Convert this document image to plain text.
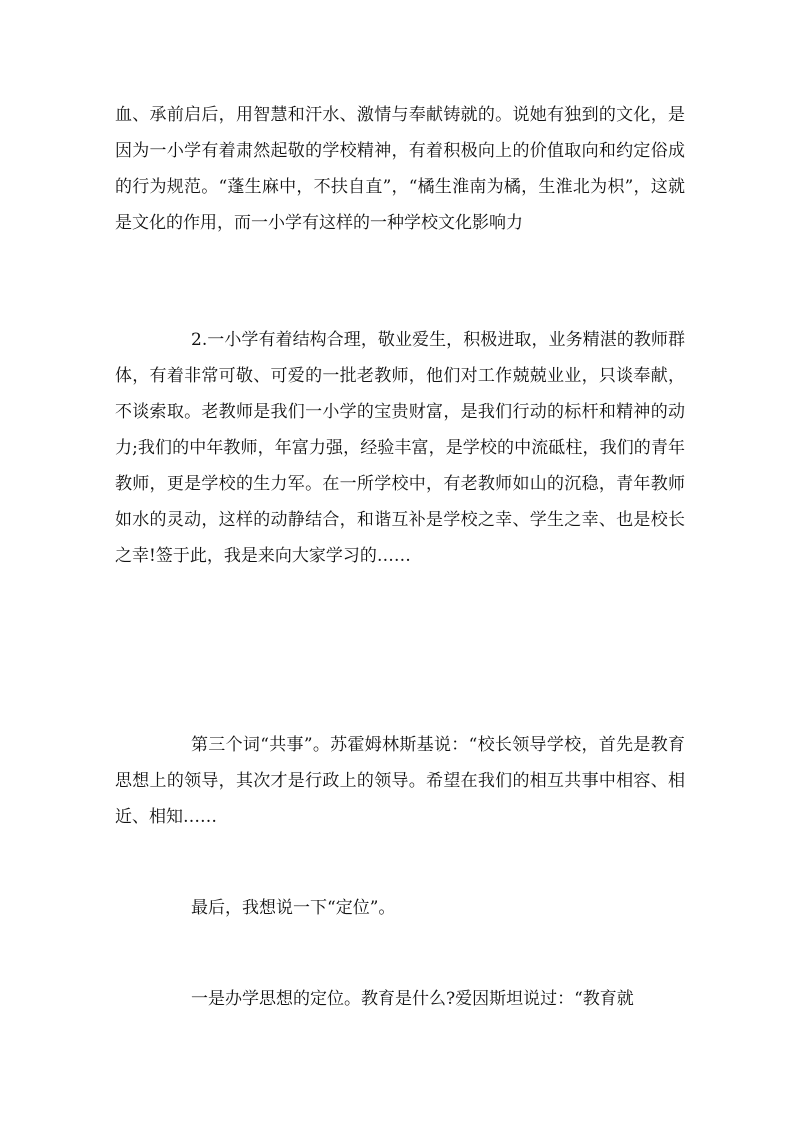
血、承前启后，用智慧和汗水、激情与奉献铸就的。说她有独到的文化，是因为一小学有着肃然起敬的学校精神，有着积极向上的价值取向和约定俗成的行为规范。“蓬生麻中，不扶自直”，“橘生淮南为橘，生淮北为枳”，这就是文化的作用，而一小学有这样的一种学校文化影响力

2.一小学有着结构合理，敬业爱生，积极进取，业务精湛的教师群体，有着非常可敬、可爱的一批老教师，他们对工作兢兢业业，只谈奉献，不谈索取。老教师是我们一小学的宝贵财富，是我们行动的标杆和精神的动力;我们的中年教师，年富力强，经验丰富，是学校的中流砥柱，我们的青年教师，更是学校的生力军。在一所学校中，有老教师如山的沉稳，青年教师如水的灵动，这样的动静结合，和谐互补是学校之幸、学生之幸、也是校长之幸!签于此，我是来向大家学习的……

第三个词“共事”。苏霍姆林斯基说：“校长领导学校，首先是教育思想上的领导，其次才是行政上的领导。希望在我们的相互共事中相容、相近、相知……

最后，我想说一下“定位”。

一是办学思想的定位。教育是什么?爱因斯坦说过：“教育就
